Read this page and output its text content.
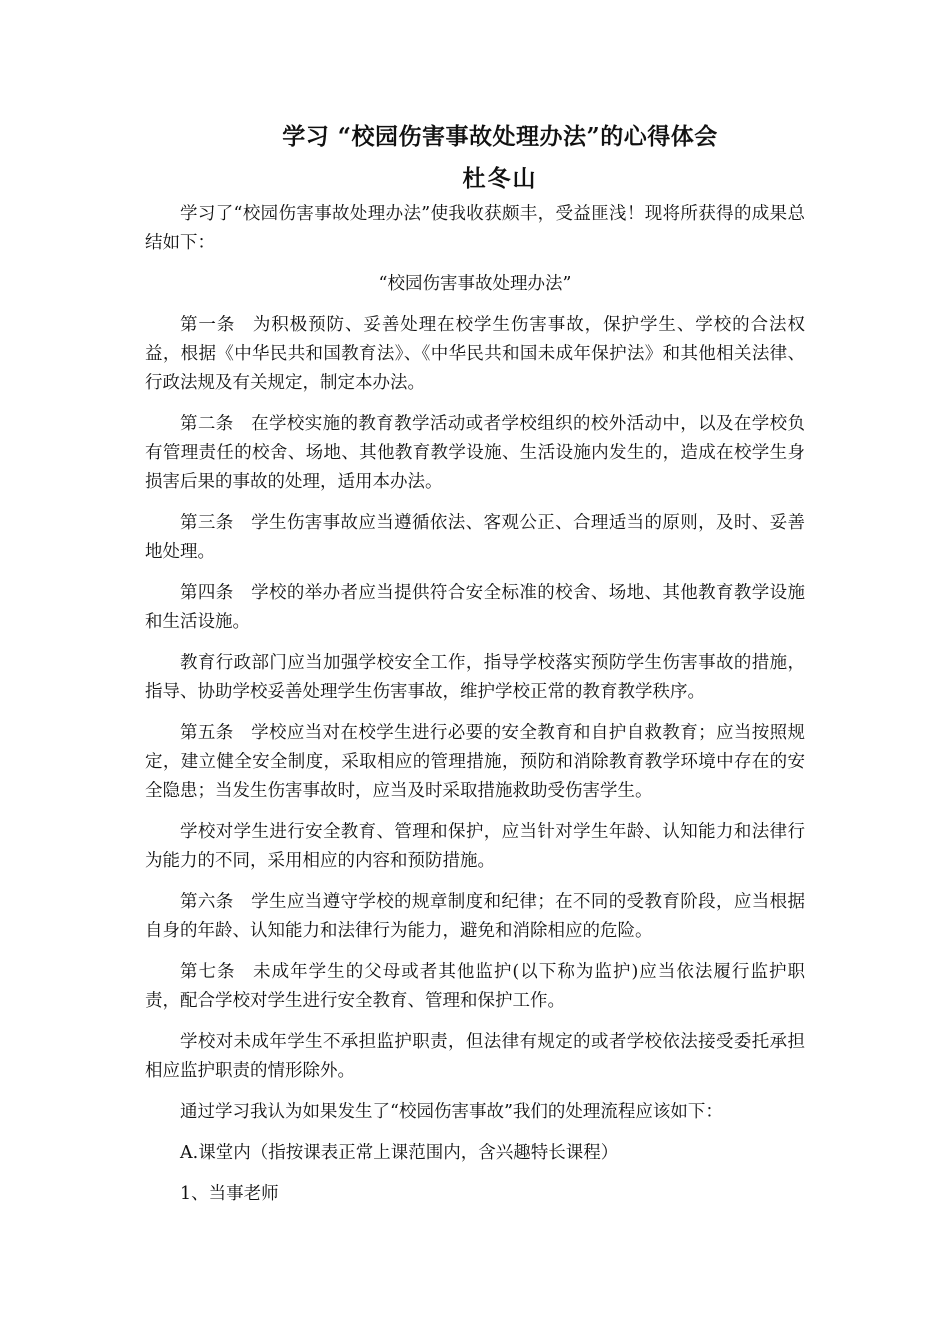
学习 “校园伤害事故处理办法”的心得体会
杜冬山

学习了“校园伤害事故处理办法”使我收获颇丰，受益匪浅！现将所获得的成果总结如下：

“校园伤害事故处理办法”

第一条 为积极预防、妥善处理在校学生伤害事故，保护学生、学校的合法权益，根据《中华民共和国教育法》、《中华民共和国未成年保护法》和其他相关法律、行政法规及有关规定，制定本办法。

第二条 在学校实施的教育教学活动或者学校组织的校外活动中，以及在学校负有管理责任的校舍、场地、其他教育教学设施、生活设施内发生的，造成在校学生身损害后果的事故的处理，适用本办法。

第三条 学生伤害事故应当遵循依法、客观公正、合理适当的原则，及时、妥善地处理。

第四条 学校的举办者应当提供符合安全标准的校舍、场地、其他教育教学设施和生活设施。

教育行政部门应当加强学校安全工作，指导学校落实预防学生伤害事故的措施，指导、协助学校妥善处理学生伤害事故，维护学校正常的教育教学秩序。

第五条 学校应当对在校学生进行必要的安全教育和自护自救教育；应当按照规定，建立健全安全制度，采取相应的管理措施，预防和消除教育教学环境中存在的安全隐患；当发生伤害事故时，应当及时采取措施救助受伤害学生。

学校对学生进行安全教育、管理和保护，应当针对学生年龄、认知能力和法律行为能力的不同，采用相应的内容和预防措施。

第六条 学生应当遵守学校的规章制度和纪律；在不同的受教育阶段，应当根据自身的年龄、认知能力和法律行为能力，避免和消除相应的危险。

第七条 未成年学生的父母或者其他监护(以下称为监护)应当依法履行监护职责，配合学校对学生进行安全教育、管理和保护工作。

学校对未成年学生不承担监护职责，但法律有规定的或者学校依法接受委托承担相应监护职责的情形除外。

通过学习我认为如果发生了“校园伤害事故”我们的处理流程应该如下：

A.课堂内（指按课表正常上课范围内，含兴趣特长课程）

1、当事老师
